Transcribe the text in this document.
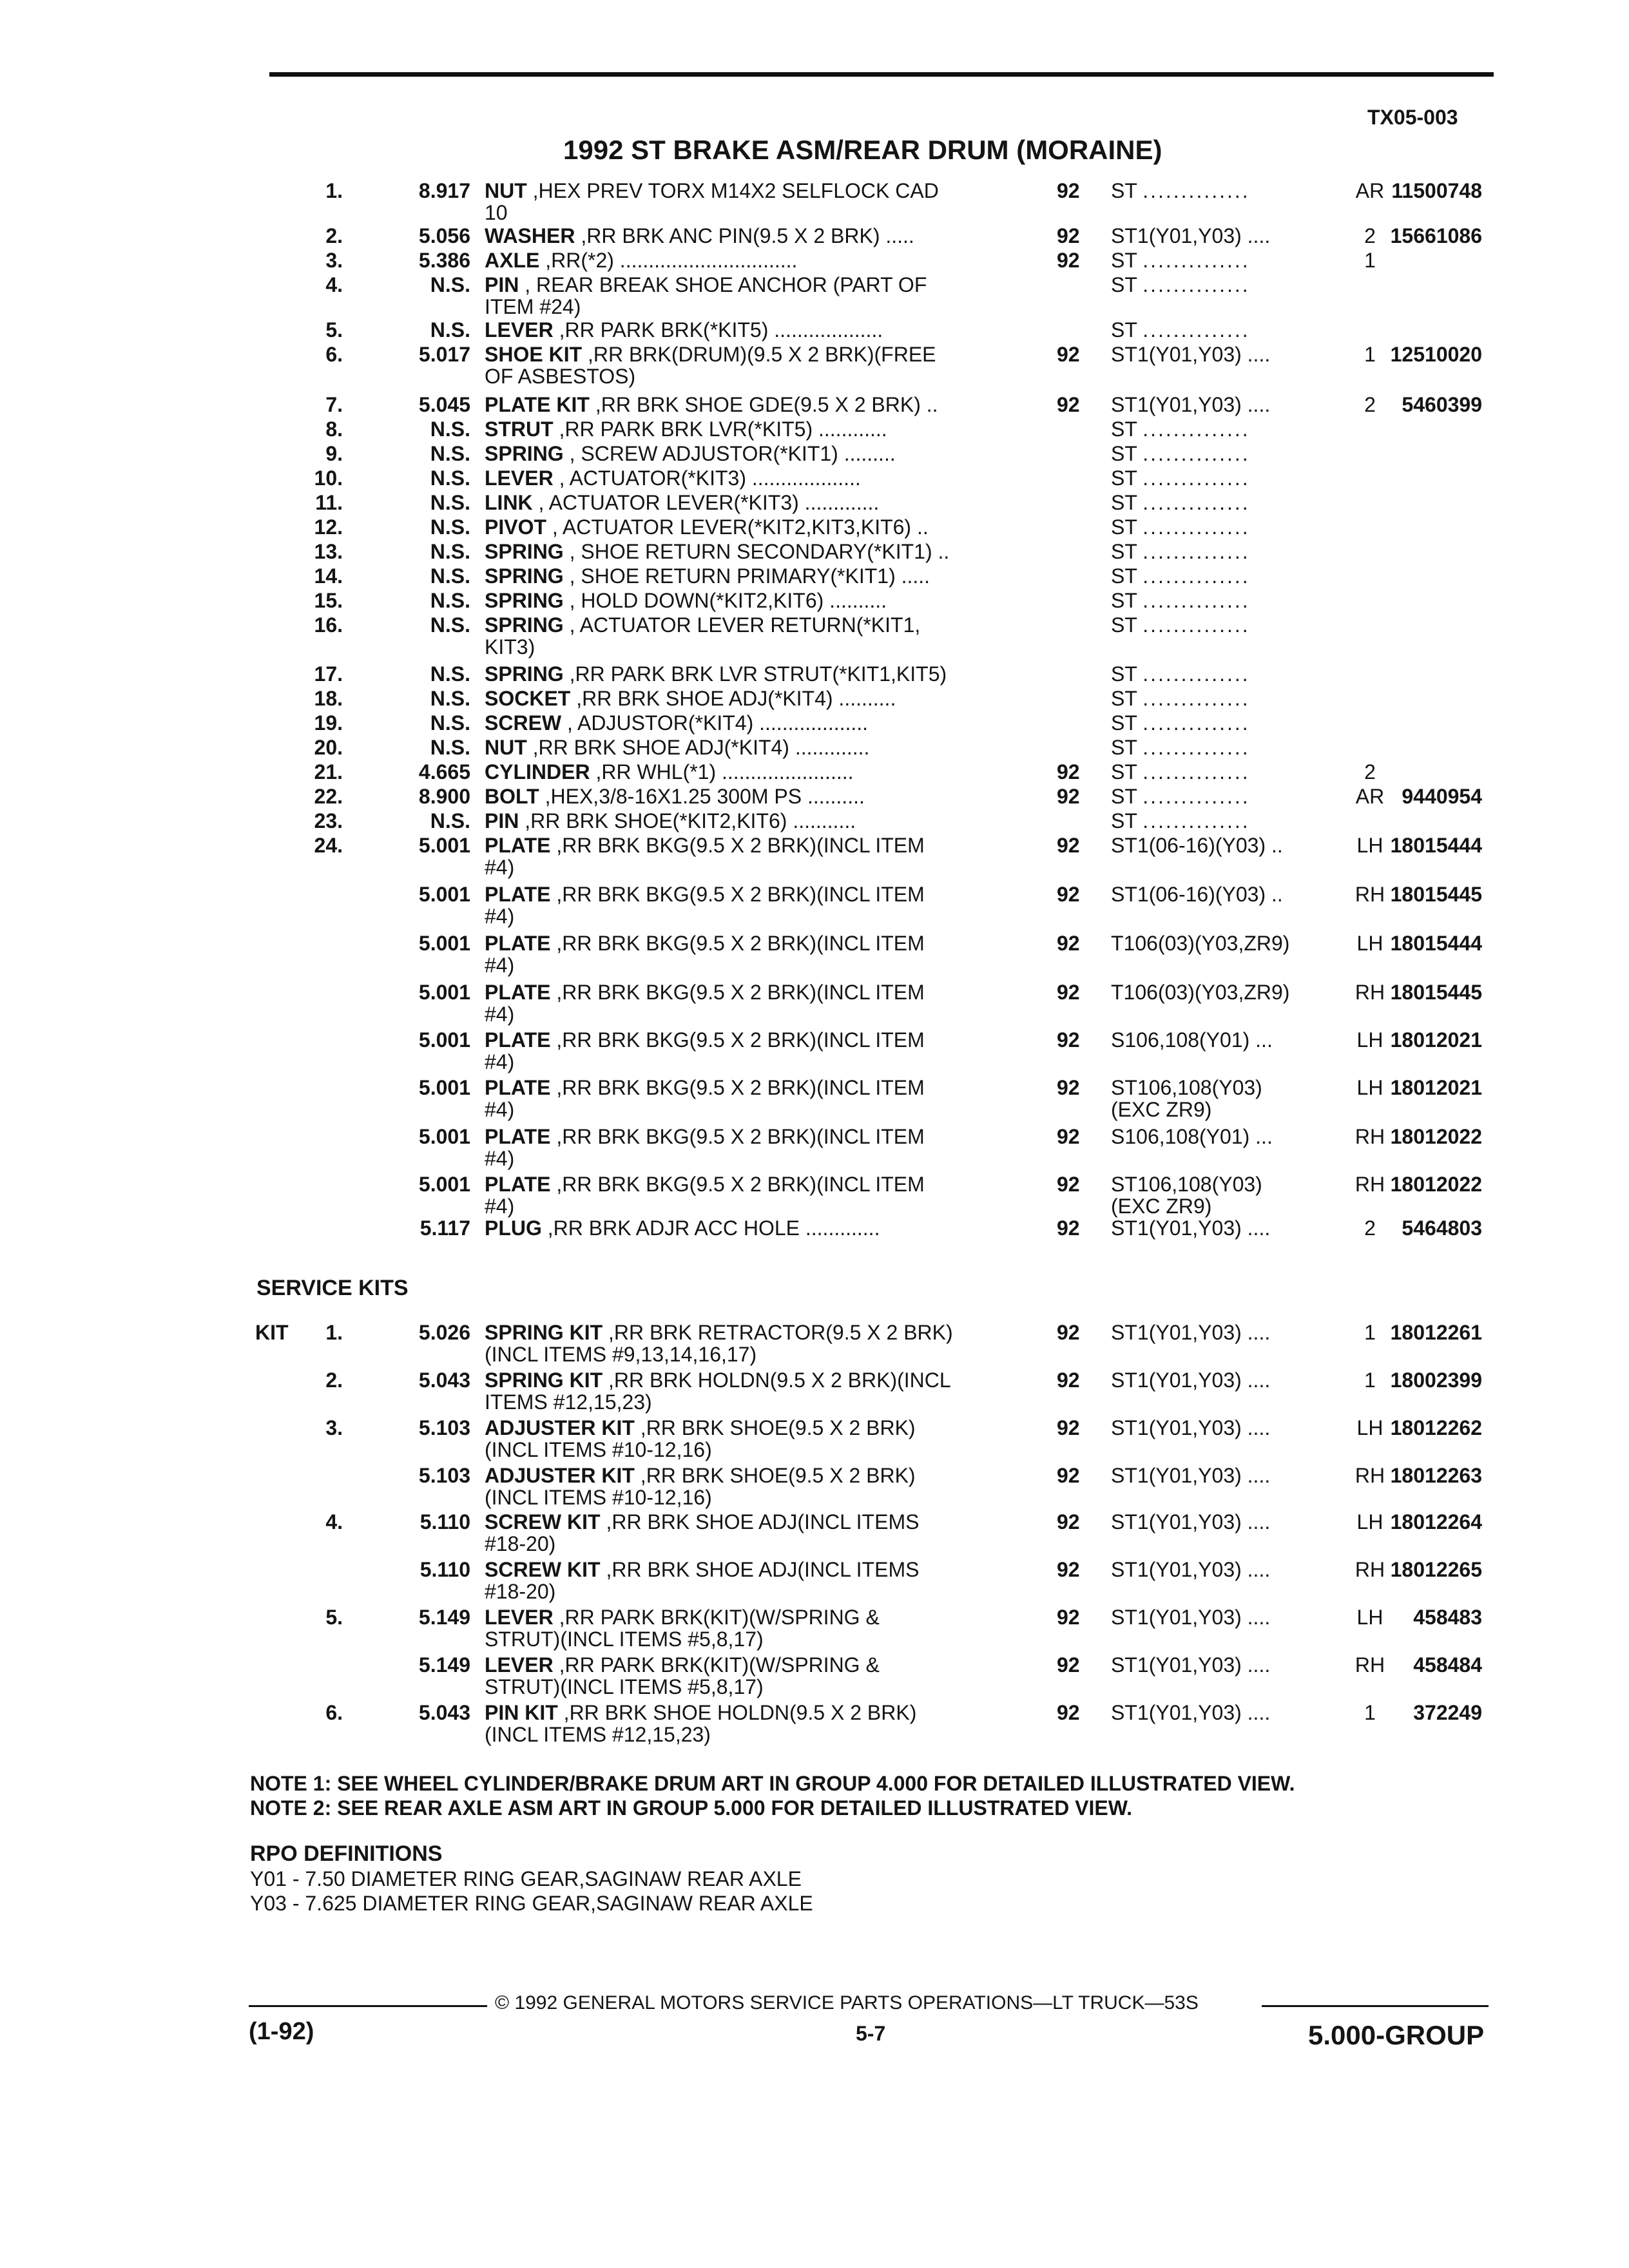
TX05-003
1992 ST BRAKE ASM/REAR DRUM (MORAINE)
1.	8.917 NUT ,HEX PREV TORX M14X2 SELFLOCK CAD
10
92 ST ..............	AR 11500748
2.	5.056 WASHER ,RR BRK ANC PIN(9.5 X 2 BRK) .....	92 ST1(Y01,Y03) ....	2 15661086
3.	5.386 AXLE ,RR(*2) ...............................	92 ST ..............	1
4.	N.S. PIN , REAR BREAK SHOE ANCHOR (PART OF
ITEM #24)
ST ..............
5.	N.S. LEVER ,RR PARK BRK(*KIT5) ...................	ST ..............
6.	5.017 SHOE KIT ,RR BRK(DRUM)(9.5 X 2 BRK)(FREE
OF ASBESTOS)
92 ST1(Y01,Y03) ....	1 12510020
7.	5.045 PLATE KIT ,RR BRK SHOE GDE(9.5 X 2 BRK) ..	92 ST1(Y01,Y03) ....	2	5460399
8.	N.S. STRUT ,RR PARK BRK LVR(*KIT5) ............	ST ..............
9.	N.S. SPRING , SCREW ADJUSTOR(*KIT1) .........	ST ..............
10.	N.S. LEVER , ACTUATOR(*KIT3) ...................	ST ..............
11.	N.S. LINK , ACTUATOR LEVER(*KIT3) .............	ST ..............
12.	N.S. PIVOT , ACTUATOR LEVER(*KIT2,KIT3,KIT6) ..	ST ..............
13.	N.S. SPRING , SHOE RETURN SECONDARY(*KIT1) ..	ST ..............
14.	N.S. SPRING , SHOE RETURN PRIMARY(*KIT1) .....	ST ..............
15.	N.S. SPRING , HOLD DOWN(*KIT2,KIT6) ..........	ST ..............
16.	N.S. SPRING , ACTUATOR LEVER RETURN(*KIT1,
KIT3)
ST ..............
17.	N.S. SPRING ,RR PARK BRK LVR STRUT(*KIT1,KIT5)	ST ..............
18.	N.S. SOCKET ,RR BRK SHOE ADJ(*KIT4) ..........	ST ..............
19.	N.S. SCREW , ADJUSTOR(*KIT4) ...................	ST ..............
20.	N.S. NUT ,RR BRK SHOE ADJ(*KIT4) .............	ST ..............
21.	4.665 CYLINDER ,RR WHL(*1) .......................	92 ST ..............	2
22.	8.900 BOLT ,HEX,3/8-16X1.25 300M PS ..........	92 ST ..............	AR 9440954
23.	N.S. PIN ,RR BRK SHOE(*KIT2,KIT6) ...........	ST ..............
24.	5.001 PLATE ,RR BRK BKG(9.5 X 2 BRK)(INCL ITEM
#4)
92 ST1(06-16)(Y03) ..	LH 18015444
5.001 PLATE ,RR BRK BKG(9.5 X 2 BRK)(INCL ITEM
#4)
92 ST1(06-16)(Y03) ..	RH 18015445
5.001 PLATE ,RR BRK BKG(9.5 X 2 BRK)(INCL ITEM
#4)
92 T106(03)(Y03,ZR9)	LH 18015444
5.001 PLATE ,RR BRK BKG(9.5 X 2 BRK)(INCL ITEM
#4)
92 T106(03)(Y03,ZR9)	RH 18015445
5.001 PLATE ,RR BRK BKG(9.5 X 2 BRK)(INCL ITEM
#4)
92 S106,108(Y01) ...	LH 18012021
5.001 PLATE ,RR BRK BKG(9.5 X 2 BRK)(INCL ITEM
#4)
92 ST106,108(Y03)
(EXC ZR9)
LH 18012021
5.001 PLATE ,RR BRK BKG(9.5 X 2 BRK)(INCL ITEM
#4)
92 S106,108(Y01) ...	RH 18012022
5.001 PLATE ,RR BRK BKG(9.5 X 2 BRK)(INCL ITEM
#4)
92 ST106,108(Y03)
(EXC ZR9)
RH 18012022
5.117 PLUG ,RR BRK ADJR ACC HOLE .............	92 ST1(Y01,Y03) ....	2	5464803
SERVICE KITS
KIT 1.	5.026 SPRING KIT ,RR BRK RETRACTOR(9.5 X 2 BRK)
(INCL ITEMS #9,13,14,16,17)
92 ST1(Y01,Y03) ....	1 18012261
2.	5.043 SPRING KIT ,RR BRK HOLDN(9.5 X 2 BRK)(INCL
ITEMS #12,15,23)
92 ST1(Y01,Y03) ....	1 18002399
3.	5.103 ADJUSTER KIT ,RR BRK SHOE(9.5 X 2 BRK)
(INCL ITEMS #10-12,16)
92 ST1(Y01,Y03) ....	LH 18012262
5.103 ADJUSTER KIT ,RR BRK SHOE(9.5 X 2 BRK)
(INCL ITEMS #10-12,16)
92 ST1(Y01,Y03) ....	RH 18012263
4.	5.110 SCREW KIT ,RR BRK SHOE ADJ(INCL ITEMS
#18-20)
92 ST1(Y01,Y03) ....	LH 18012264
5.110 SCREW KIT ,RR BRK SHOE ADJ(INCL ITEMS
#18-20)
92 ST1(Y01,Y03) ....	RH 18012265
5.	5.149 LEVER ,RR PARK BRK(KIT)(W/SPRING &
STRUT)(INCL ITEMS #5,8,17)
92 ST1(Y01,Y03) ....	LH 458483
5.149 LEVER ,RR PARK BRK(KIT)(W/SPRING &
STRUT)(INCL ITEMS #5,8,17)
92 ST1(Y01,Y03) ....	RH 458484
6.	5.043 PIN KIT ,RR BRK SHOE HOLDN(9.5 X 2 BRK)
(INCL ITEMS #12,15,23)
92 ST1(Y01,Y03) ....	1	372249
NOTE 1: SEE WHEEL CYLINDER/BRAKE DRUM ART IN GROUP 4.000 FOR DETAILED ILLUSTRATED VIEW.
NOTE 2: SEE REAR AXLE ASM ART IN GROUP 5.000 FOR DETAILED ILLUSTRATED VIEW.
RPO DEFINITIONS
Y01 - 7.50 DIAMETER RING GEAR,SAGINAW REAR AXLE
Y03 - 7.625 DIAMETER RING GEAR,SAGINAW REAR AXLE
© 1992 GENERAL MOTORS SERVICE PARTS OPERATIONS—LT TRUCK—53S
(1-92)	5-7	5.000-GROUP
